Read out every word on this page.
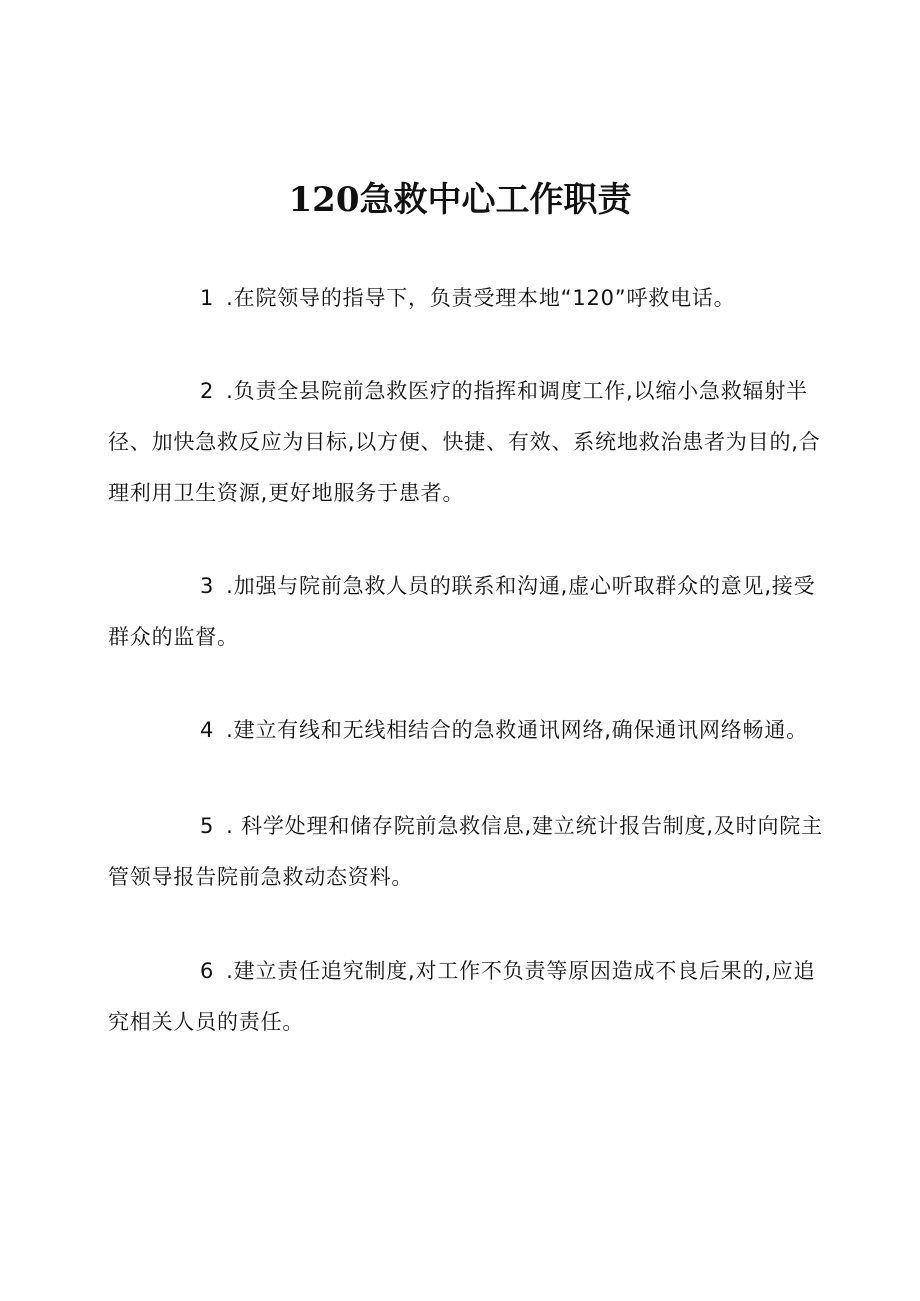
120急救中心工作职责

1 .在院领导的指导下，负责受理本地“120”呼救电话。

2 .负责全县院前急救医疗的指挥和调度工作,以缩小急救辐射半径、加快急救反应为目标,以方便、快捷、有效、系统地救治患者为目的,合理利用卫生资源,更好地服务于患者。

3 .加强与院前急救人员的联系和沟通,虚心听取群众的意见,接受群众的监督。

4 .建立有线和无线相结合的急救通讯网络,确保通讯网络畅通。

5 . 科学处理和储存院前急救信息,建立统计报告制度,及时向院主管领导报告院前急救动态资料。

6 .建立责任追究制度,对工作不负责等原因造成不良后果的,应追究相关人员的责任。
